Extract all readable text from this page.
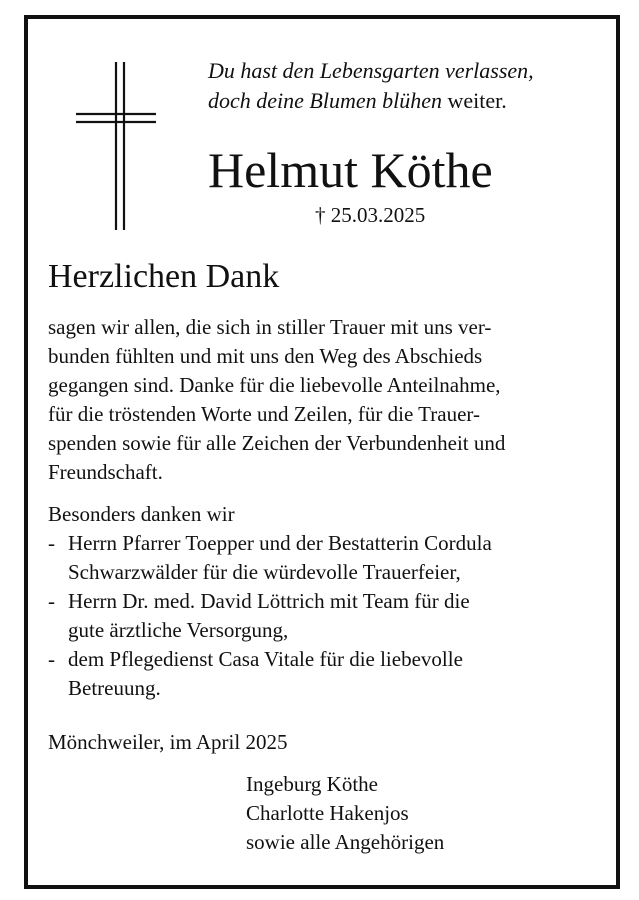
Du hast den Lebensgarten verlassen,
doch deine Blumen blühen weiter.
Helmut Köthe
† 25.03.2025
Herzlichen Dank
sagen wir allen, die sich in stiller Trauer mit uns ver-
bunden fühlten und mit uns den Weg des Abschieds
gegangen sind. Danke für die liebevolle Anteilnahme,
für die tröstenden Worte und Zeilen, für die Trauer-
spenden sowie für alle Zeichen der Verbundenheit und
Freundschaft.
Besonders danken wir
- Herrn Pfarrer Toepper und der Bestatterin Cordula
Schwarzwälder für die würdevolle Trauerfeier,
- Herrn Dr. med. David Löttrich mit Team für die
gute ärztliche Versorgung,
- dem Pflegedienst Casa Vitale für die liebevolle
Betreuung.
Mönchweiler, im April 2025
Ingeburg Köthe
Charlotte Hakenjos
sowie alle Angehörigen
